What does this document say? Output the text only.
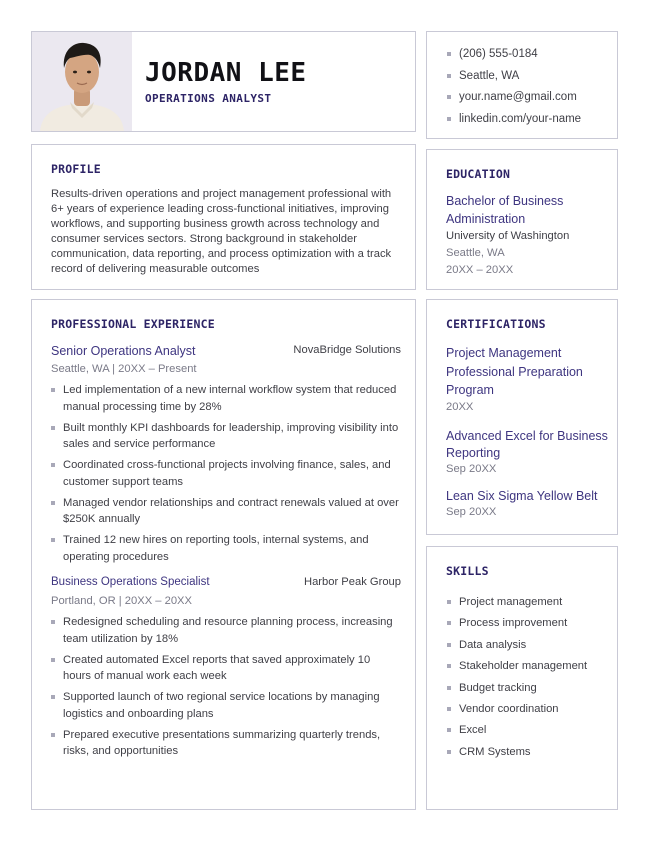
JORDAN LEE
OPERATIONS ANALYST
(206) 555-0184
Seattle, WA
your.name@gmail.com
linkedin.com/your-name
PROFILE
Results-driven operations and project management professional with 6+ years of experience leading cross-functional initiatives, improving workflows, and supporting business growth across technology and consumer services sectors. Strong background in stakeholder communication, data reporting, and process optimization with a track record of delivering measurable outcomes
EDUCATION
Bachelor of Business Administration
University of Washington
Seattle, WA
20XX – 20XX
PROFESSIONAL EXPERIENCE
Senior Operations Analyst	NovaBridge Solutions
Seattle, WA | 20XX – Present
Led implementation of a new internal workflow system that reduced manual processing time by 28%
Built monthly KPI dashboards for leadership, improving visibility into sales and service performance
Coordinated cross-functional projects involving finance, sales, and customer support teams
Managed vendor relationships and contract renewals valued at over $250K annually
Trained 12 new hires on reporting tools, internal systems, and operating procedures
Business Operations Specialist	Harbor Peak Group
Portland, OR | 20XX – 20XX
Redesigned scheduling and resource planning process, increasing team utilization by 18%
Created automated Excel reports that saved approximately 10 hours of manual work each week
Supported launch of two regional service locations by managing logistics and onboarding plans
Prepared executive presentations summarizing quarterly trends, risks, and opportunities
CERTIFICATIONS
Project Management Professional Preparation Program
20XX
Advanced Excel for Business Reporting
Sep 20XX
Lean Six Sigma Yellow Belt
Sep 20XX
SKILLS
Project management
Process improvement
Data analysis
Stakeholder management
Budget tracking
Vendor coordination
Excel
CRM Systems
